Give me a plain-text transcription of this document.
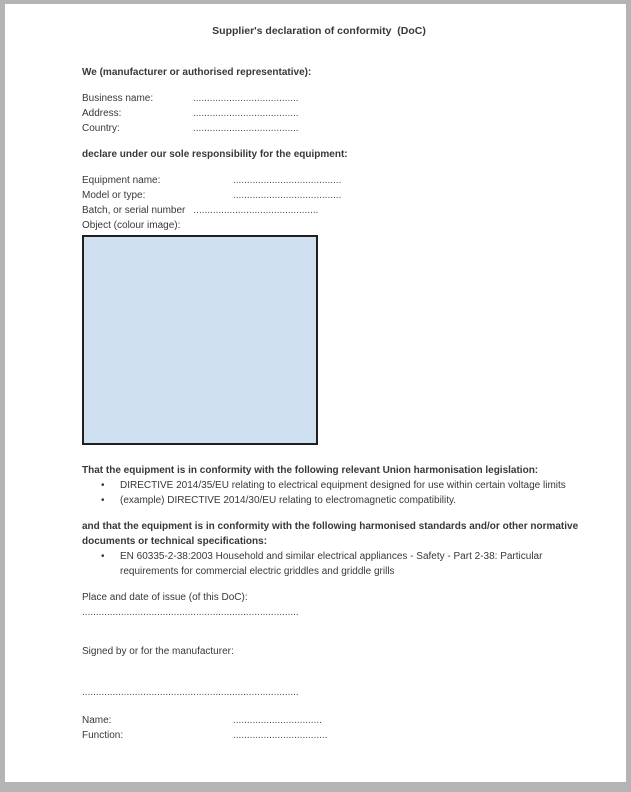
Supplier's declaration of conformity  (DoC)
We (manufacturer or authorised representative):
Business name:	......................................
Address:	......................................
Country:	......................................
declare under our sole responsibility for the equipment:
Equipment name:	.......................................
Model or type:	.......................................
Batch, or serial number .............................................
Object (colour image):
That the equipment is in conformity with the following relevant Union harmonisation legislation:
•	DIRECTIVE 2014/35/EU relating to electrical equipment designed for use within certain voltage limits
•	(example) DIRECTIVE 2014/30/EU relating to electromagnetic compatibility.
and that the equipment is in conformity with the following harmonised standards and/or other normative
documents or technical specifications:
•	EN 60335-2-38:2003 Household and similar electrical appliances - Safety - Part 2-38: Particular
requirements for commercial electric griddles and griddle grills
Place and date of issue (of this DoC):
..............................................................................
Signed by or for the manufacturer:
..............................................................................
Name:	................................
Function:	..................................
